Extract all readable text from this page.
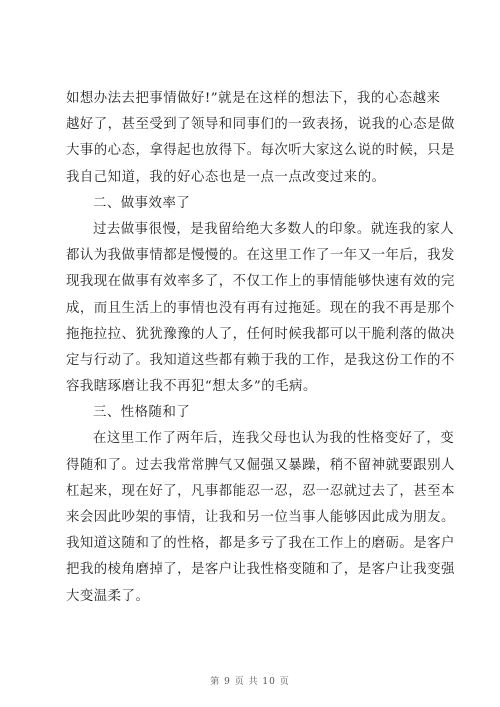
如想办法去把事情做好!”就是在这样的想法下，我的心态越来
越好了，甚至受到了领导和同事们的一致表扬，说我的心态是做
大事的心态，拿得起也放得下。每次听大家这么说的时候，只是
我自己知道，我的好心态也是一点一点改变过来的。
二、做事效率了
过去做事很慢，是我留给绝大多数人的印象。就连我的家人
都认为我做事情都是慢慢的。在这里工作了一年又一年后，我发
现我现在做事有效率多了，不仅工作上的事情能够快速有效的完
成，而且生活上的事情也没有再有过拖延。现在的我不再是那个
拖拖拉拉、犹犹豫豫的人了，任何时候我都可以干脆利落的做决
定与行动了。我知道这些都有赖于我的工作，是我这份工作的不
容我瞎琢磨让我不再犯“想太多”的毛病。
三、性格随和了
在这里工作了两年后，连我父母也认为我的性格变好了，变
得随和了。过去我常常脾气又倔强又暴躁，稍不留神就要跟别人
杠起来，现在好了，凡事都能忍一忍，忍一忍就过去了，甚至本
来会因此吵架的事情，让我和另一位当事人能够因此成为朋友。
我知道这随和了的性格，都是多亏了我在工作上的磨砺。是客户
把我的棱角磨掉了，是客户让我性格变随和了，是客户让我变强
大变温柔了。
第 9 页 共 10 页
